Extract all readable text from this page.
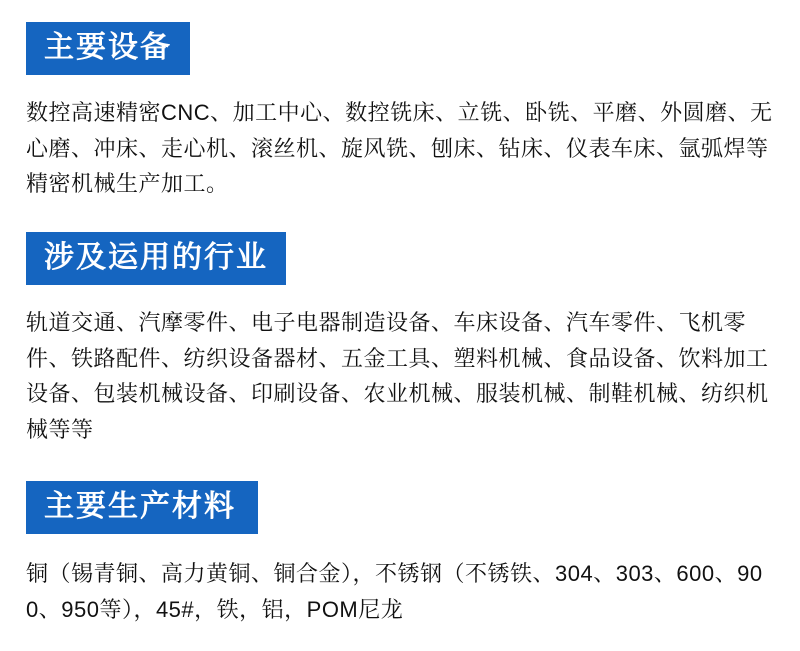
主要设备

数控高速精密CNC、加工中心、数控铣床、立铣、卧铣、平磨、外圆磨、无心磨、冲床、走心机、滚丝机、旋风铣、刨床、钻床、仪表车床、氩弧焊等精密机械生产加工。

涉及运用的行业

轨道交通、汽摩零件、电子电器制造设备、车床设备、汽车零件、飞机零件、铁路配件、纺织设备器材、五金工具、塑料机械、食品设备、饮料加工设备、包装机械设备、印刷设备、农业机械、服装机械、制鞋机械、纺织机械等等

主要生产材料

铜（锡青铜、高力黄铜、铜合金），不锈钢（不锈铁、304、303、600、900、950等），45#，铁，铝，POM尼龙
